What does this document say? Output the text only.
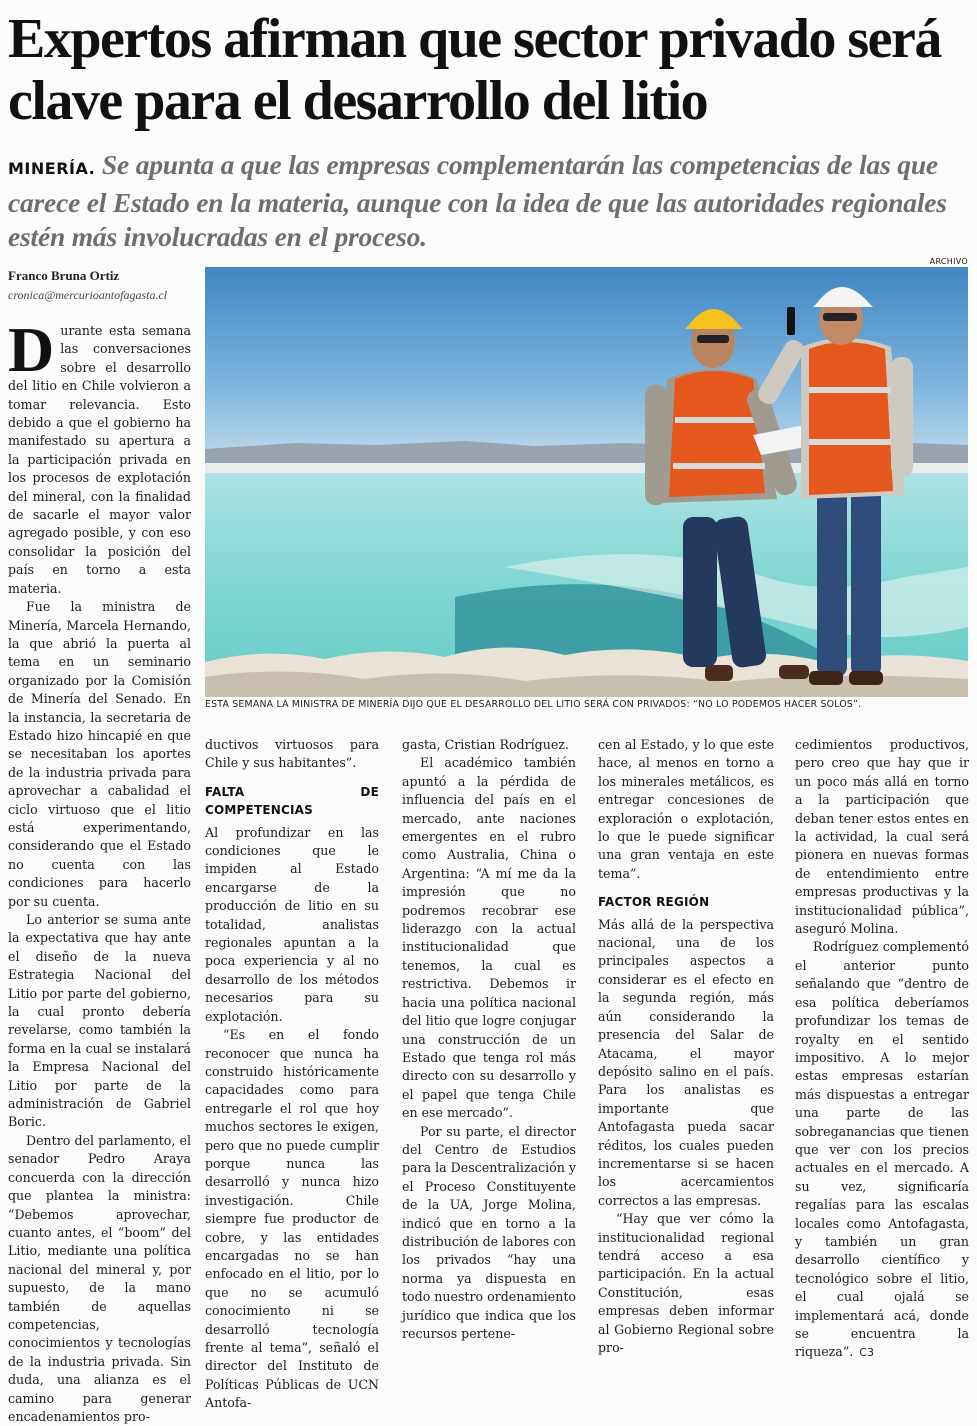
Expertos afirman que sector privado será clave para el desarrollo del litio
MINERÍA. Se apunta a que las empresas complementarán las competencias de las que carece el Estado en la materia, aunque con la idea de que las autoridades regionales estén más involucradas en el proceso.
Franco Bruna Ortiz
cronica@mercurioantofagasta.cl
ARCHIVO
ESTA SEMANA LA MINISTRA DE MINERÍA DIJO QUE EL DESARROLLO DEL LITIO SERÁ CON PRIVADOS: “NO LO PODEMOS HACER SOLOS”.

Durante esta semana las conversaciones sobre el desarrollo del litio en Chile volvieron a tomar relevancia. Esto debido a que el gobierno ha manifestado su apertura a la participación privada en los procesos de explotación del mineral, con la finalidad de sacarle el mayor valor agregado posible, y con eso consolidar la posición del país en torno a esta materia.

Fue la ministra de Minería, Marcela Hernando, la que abrió la puerta al tema en un seminario organizado por la Comisión de Minería del Senado. En la instancia, la secretaria de Estado hizo hincapié en que se necesitaban los aportes de la industria privada para aprovechar a cabalidad el ciclo virtuoso que el litio está experimentando, considerando que el Estado no cuenta con las condiciones para hacerlo por su cuenta.

Lo anterior se suma ante la expectativa que hay ante el diseño de la nueva Estrategia Nacional del Litio por parte del gobierno, la cual pronto debería revelarse, como también la forma en la cual se instalará la Empresa Nacional del Litio por parte de la administración de Gabriel Boric.

Dentro del parlamento, el senador Pedro Araya concuerda con la dirección que plantea la ministra: “Debemos aprovechar, cuanto antes, el “boom” del Litio, mediante una política nacional del mineral y, por supuesto, de la mano también de aquellas competencias, conocimientos y tecnologías de la industria privada. Sin duda, una alianza es el camino para generar encadenamientos pro-

ductivos virtuosos para Chile y sus habitantes”.

FALTA DE COMPETENCIAS

Al profundizar en las condiciones que le impiden al Estado encargarse de la producción de litio en su totalidad, analistas regionales apuntan a la poca experiencia y al no desarrollo de los métodos necesarios para su explotación.

“Es en el fondo reconocer que nunca ha construido históricamente capacidades como para entregarle el rol que hoy muchos sectores le exigen, pero que no puede cumplir porque nunca las desarrolló y nunca hizo investigación. Chile siempre fue productor de cobre, y las entidades encargadas no se han enfocado en el litio, por lo que no se acumuló conocimiento ni se desarrolló tecnología frente al tema”, señaló el director del Instituto de Políticas Públicas de UCN Antofa-

gasta, Cristian Rodríguez.

El académico también apuntó a la pérdida de influencia del país en el mercado, ante naciones emergentes en el rubro como Australia, China o Argentina: “A mí me da la impresión que no podremos recobrar ese liderazgo con la actual institucionalidad que tenemos, la cual es restrictiva. Debemos ir hacia una política nacional del litio que logre conjugar una construcción de un Estado que tenga rol más directo con su desarrollo y el papel que tenga Chile en ese mercado”.

Por su parte, el director del Centro de Estudios para la Descentralización y el Proceso Constituyente de la UA, Jorge Molina, indicó que en torno a la distribución de labores con los privados “hay una norma ya dispuesta en todo nuestro ordenamiento jurídico que indica que los recursos pertene-

cen al Estado, y lo que este hace, al menos en torno a los minerales metálicos, es entregar concesiones de exploración o explotación, lo que le puede significar una gran ventaja en este tema”.

FACTOR REGIÓN

Más allá de la perspectiva nacional, una de los principales aspectos a considerar es el efecto en la segunda región, más aún considerando la presencia del Salar de Atacama, el mayor depósito salino en el país. Para los analistas es importante que Antofagasta pueda sacar réditos, los cuales pueden incrementarse si se hacen los acercamientos correctos a las empresas.

“Hay que ver cómo la institucionalidad regional tendrá acceso a esa participación. En la actual Constitución, esas empresas deben informar al Gobierno Regional sobre pro-

cedimientos productivos, pero creo que hay que ir un poco más allá en torno a la participación que deban tener estos entes en la actividad, la cual será pionera en nuevas formas de entendimiento entre empresas productivas y la institucionalidad pública”, aseguró Molina.

Rodríguez complementó el anterior punto señalando que “dentro de esa política deberíamos profundizar los temas de royalty en el sentido impositivo. A lo mejor estas empresas estarían más dispuestas a entregar una parte de las sobreganancias que tienen que ver con los precios actuales en el mercado. A su vez, significaría regalías para las escalas locales como Antofagasta, y también un gran desarrollo científico y tecnológico sobre el litio, el cual ojalá se implementará acá, donde se encuentra la riqueza”. C3
